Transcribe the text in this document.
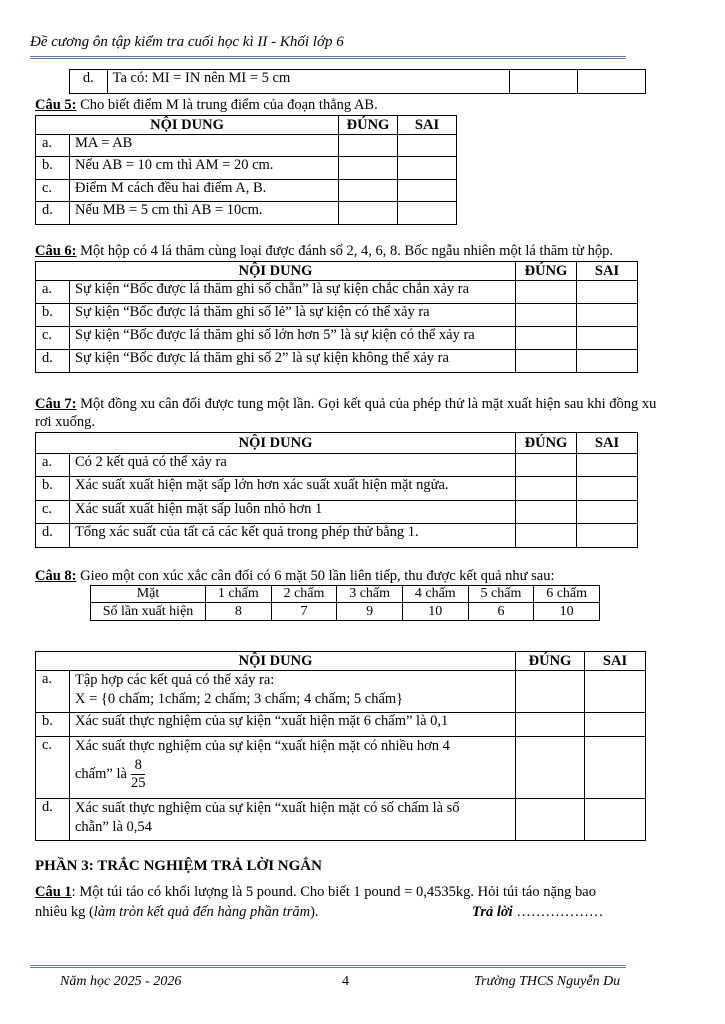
Đề cương ôn tập kiểm tra cuối học kì II - Khối lớp 6
d.	Ta có: MI = IN nên MI = 5 cm		
Câu 5: Cho biết điểm M là trung điểm của đoạn thẳng AB.
NỘI DUNG		ĐÚNG	SAI
a.	MA = AB		
b.	Nếu AB = 10 cm thì AM = 20 cm.		
c.	Điểm M cách đều hai điểm A, B.		
d.	Nếu MB = 5 cm thì AB = 10cm.		
Câu 6: Một hộp có 4 lá thăm cùng loại được đánh số 2, 4, 6, 8. Bốc ngẫu nhiên một lá thăm từ hộp.
NỘI DUNG		ĐÚNG	SAI
a.	Sự kiện “Bốc được lá thăm ghi số chẵn” là sự kiện chắc chắn xảy ra		
b.	Sự kiện “Bốc được lá thăm ghi số lẻ” là sự kiện có thể xảy ra		
c.	Sự kiện “Bốc được lá thăm ghi số lớn hơn 5” là sự kiện có thể xảy ra		
d.	Sự kiện “Bốc được lá thăm ghi số 2” là sự kiện không thể xảy ra		
Câu 7: Một đồng xu cân đối được tung một lần. Gọi kết quả của phép thử là mặt xuất hiện sau khi đồng xu rơi xuống.
NỘI DUNG		ĐÚNG	SAI
a.	Có 2 kết quả có thể xảy ra		
b.	Xác suất xuất hiện mặt sấp lớn hơn xác suất xuất hiện mặt ngửa.		
c.	Xác suất xuất hiện mặt sấp luôn nhỏ hơn 1		
d.	Tổng xác suất của tất cả các kết quả trong phép thử bằng 1.		
Câu 8: Gieo một con xúc xắc cân đối có 6 mặt 50 lần liên tiếp, thu được kết quả như sau:
Mặt	1 chấm	2 chấm	3 chấm	4 chấm	5 chấm	6 chấm
Số lần xuất hiện	8	7	9	10	6	10
NỘI DUNG		ĐÚNG	SAI
a.	Tập hợp các kết quả có thể xảy ra:
X = {0 chấm; 1chấm; 2 chấm; 3 chấm; 4 chấm; 5 chấm}		

b.	Xác suất thực nghiệm của sự kiện “xuất hiện mặt 6 chấm” là 0,1		
c.	Xác suất thực nghiệm của sự kiện “xuất hiện mặt có nhiều hơn 4
chấm” là $\frac{8}{25}$

d.	Xác suất thực nghiệm của sự kiện “xuất hiện mặt có số chấm là số
chẵn” là 0,54		

PHẦN 3: TRẮC NGHIỆM TRẢ LỜI NGẮN
Câu 1: Một túi táo có khối lượng là 5 pound. Cho biết 1 pound = 0,4535kg. Hỏi túi táo nặng bao
nhiêu kg (làm tròn kết quả đến hàng phần trăm).	Trả lời ………………
Năm học 2025 - 2026	4	Trường THCS Nguyễn Du
